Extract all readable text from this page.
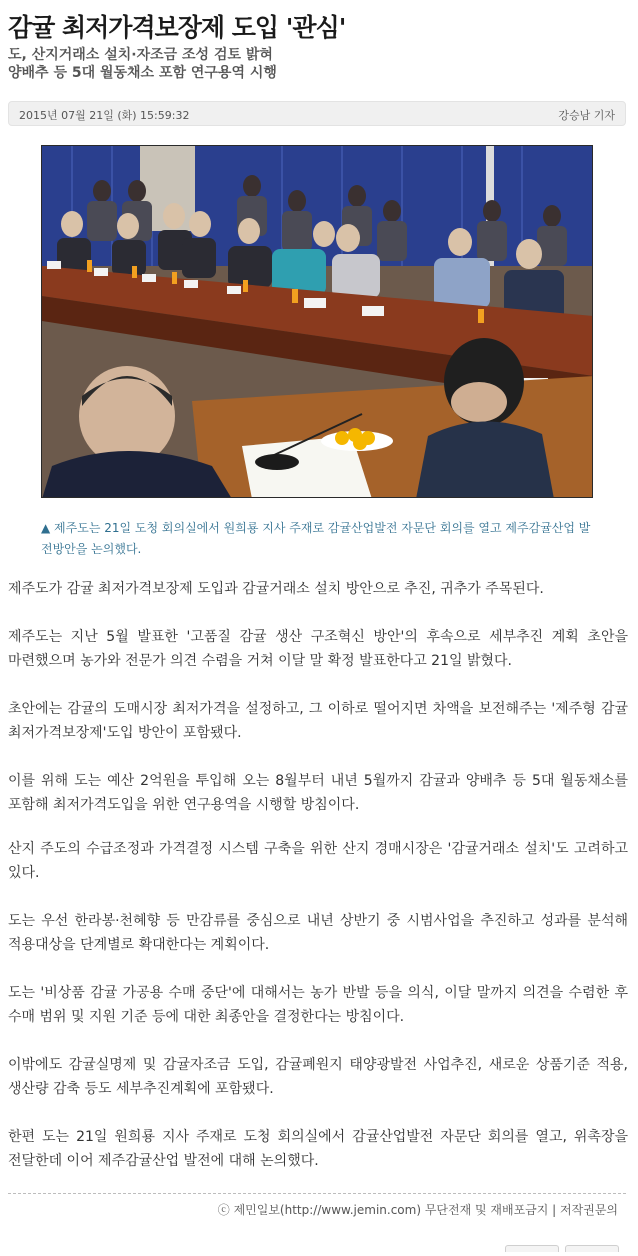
감귤 최저가격보장제 도입 '관심'
도, 산지거래소 설치·자조금 조성 검토 밝혀
양배추 등 5대 월동채소 포함 연구용역 시행
2015년 07월 21일 (화) 15:59:32	강승남 기자
▲ 제주도는 21일 도청 회의실에서 원희룡 지사 주재로 감귤산업발전 자문단 회의를 열고 제주감귤산업 발전방안을 논의했다.

제주도가 감귤 최저가격보장제 도입과 감귤거래소 설치 방안으로 추진, 귀추가 주목된다.

제주도는 지난 5월 발표한 '고품질 감귤 생산 구조혁신 방안'의 후속으로 세부추진 계획 초안을 마련했으며 농가와 전문가 의견 수렴을 거쳐 이달 말 확정 발표한다고 21일 밝혔다.

초안에는 감귤의 도매시장 최저가격을 설정하고, 그 이하로 떨어지면 차액을 보전해주는 '제주형 감귤 최저가격보장제'도입 방안이 포함됐다.

이를 위해 도는 예산 2억원을 투입해 오는 8월부터 내년 5월까지 감귤과 양배추 등 5대 월동채소를 포함해 최저가격도입을 위한 연구용역을 시행할 방침이다.

산지 주도의 수급조정과 가격결정 시스템 구축을 위한 산지 경매시장은 '감귤거래소 설치'도 고려하고 있다.

도는 우선 한라봉·천혜향 등 만감류를 중심으로 내년 상반기 중 시범사업을 추진하고 성과를 분석해 적용대상을 단계별로 확대한다는 계획이다.

도는 '비상품 감귤 가공용 수매 중단'에 대해서는 농가 반발 등을 의식, 이달 말까지 의견을 수렴한 후 수매 범위 및 지원 기준 등에 대한 최종안을 결정한다는 방침이다.

이밖에도 감귤실명제 및 감귤자조금 도입, 감귤폐원지 태양광발전 사업추진, 새로운 상품기준 적용, 생산량 감축 등도 세부추진계획에 포함됐다.

한편 도는 21일 원희룡 지사 주재로 도청 회의실에서 감귤산업발전 자문단 회의를 열고, 위촉장을 전달한데 이어 제주감귤산업 발전에 대해 논의했다.

ⓒ 제민일보(http://www.jemin.com) 무단전재 및 재배포금지 | 저작권문의
